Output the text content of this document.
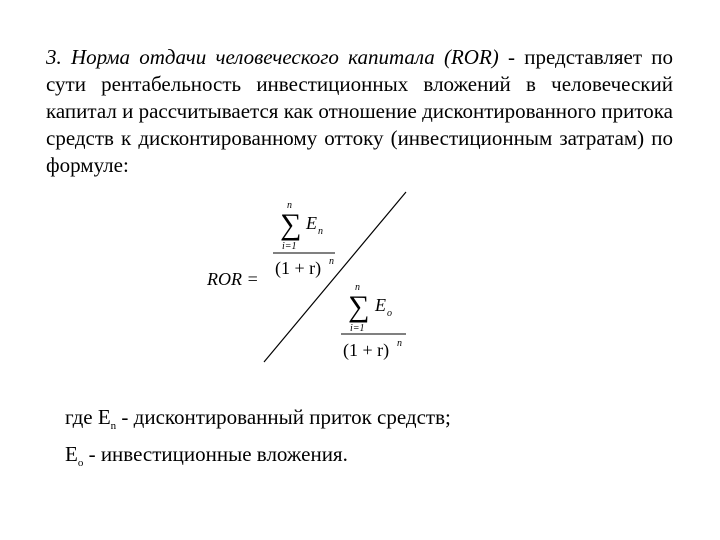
3. Норма отдачи человеческого капитала (ROR) - представляет по сути рентабельность инвестиционных вложений в человеческий капитал и рассчитывается как отношение дисконтированного притока средств к дисконтированному оттоку (инвестиционным затратам) по формуле:

ROR =
n
∑ E n
i=1
(1 + r) n
n
∑ E o
i=1
(1 + r) n
где $E_n$ - дисконтированный приток средств;
$E_o$ - инвестиционные вложения.
